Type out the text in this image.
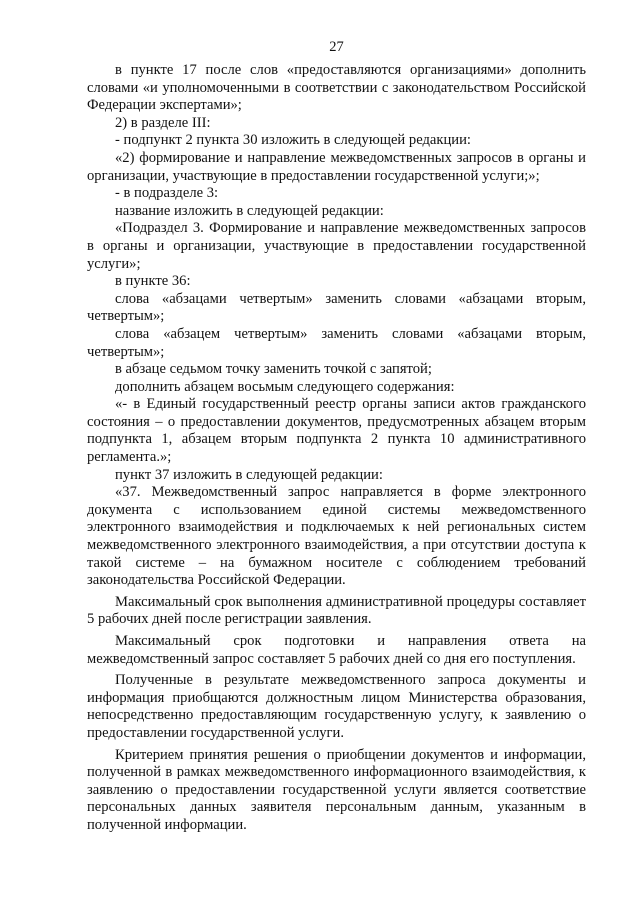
27

в пункте 17 после слов «предоставляются организациями» дополнить словами «и уполномоченными в соответствии с законодательством Российской Федерации экспертами»;

2) в разделе III:

- подпункт 2 пункта 30 изложить в следующей редакции:

«2) формирование и направление межведомственных запросов в органы и организации, участвующие в предоставлении государственной услуги;»;

- в подразделе 3:

название изложить в следующей редакции:

«Подраздел 3. Формирование и направление межведомственных запросов в органы и организации, участвующие в предоставлении государственной услуги»;

в пункте 36:

слова «абзацами четвертым» заменить словами «абзацами вторым, четвертым»;

слова «абзацем четвертым» заменить словами «абзацами вторым, четвертым»;

в абзаце седьмом точку заменить точкой с запятой;

дополнить абзацем восьмым следующего содержания:

«- в Единый государственный реестр органы записи актов гражданского состояния – о предоставлении документов, предусмотренных абзацем вторым подпункта 1, абзацем вторым подпункта 2 пункта 10 административного регламента.»;

пункт 37 изложить в следующей редакции:

«37. Межведомственный запрос направляется в форме электронного документа с использованием единой системы межведомственного электронного взаимодействия и подключаемых к ней региональных систем межведомственного электронного взаимодействия, а при отсутствии доступа к такой системе – на бумажном носителе с соблюдением требований законодательства Российской Федерации.

Максимальный срок выполнения административной процедуры составляет 5 рабочих дней после регистрации заявления.

Максимальный срок подготовки и направления ответа на межведомственный запрос составляет 5 рабочих дней со дня его поступления.

Полученные в результате межведомственного запроса документы и информация приобщаются должностным лицом Министерства образования, непосредственно предоставляющим государственную услугу, к заявлению о предоставлении государственной услуги.

Критерием принятия решения о приобщении документов и информации, полученной в рамках межведомственного информационного взаимодействия, к заявлению о предоставлении государственной услуги является соответствие персональных данных заявителя персональным данным, указанным в полученной информации.
